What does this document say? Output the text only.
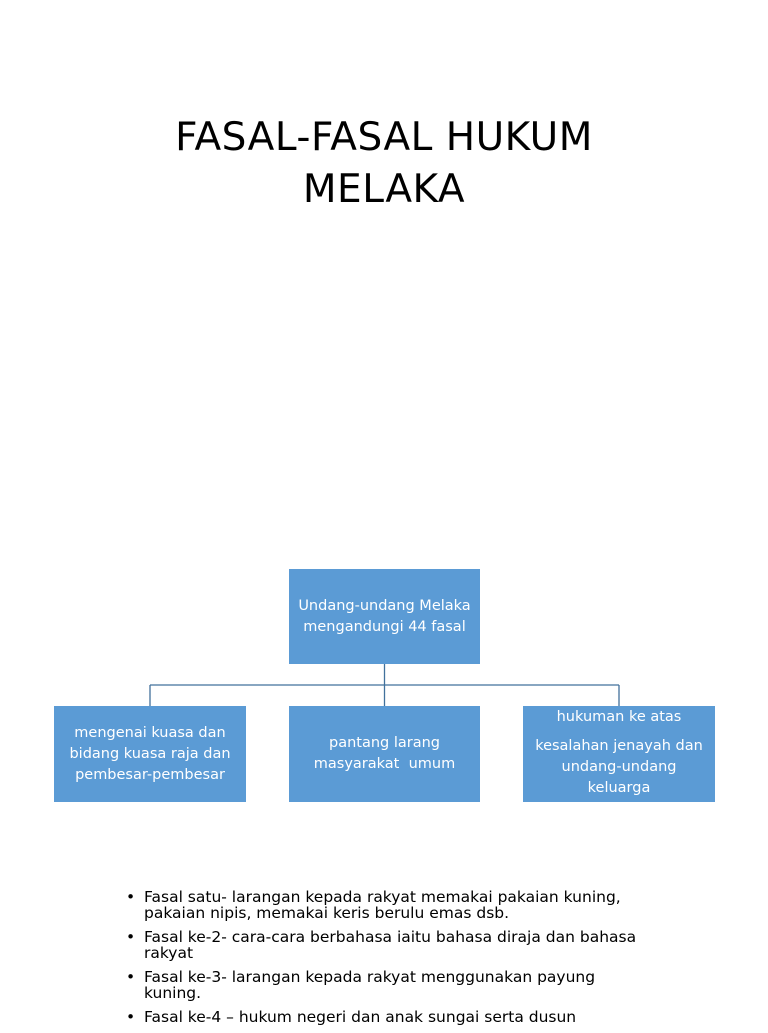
FASAL-FASAL HUKUM
MELAKA
Undang-undang Melaka
mengandungi 44 fasal
mengenai kuasa dan
bidang kuasa raja dan
pembesar-pembesar
pantang larang
masyarakat  umum
hukuman ke atas
kesalahan jenayah dan
undang-undang
keluarga
• Fasal satu- larangan kepada rakyat memakai pakaian kuning, pakaian nipis, memakai keris berulu emas dsb.
• Fasal ke-2- cara-cara berbahasa iaitu bahasa diraja dan bahasa rakyat
• Fasal ke-3- larangan kepada rakyat menggunakan payung kuning.
• Fasal ke-4 – hukum negeri dan anak sungai serta dusun
